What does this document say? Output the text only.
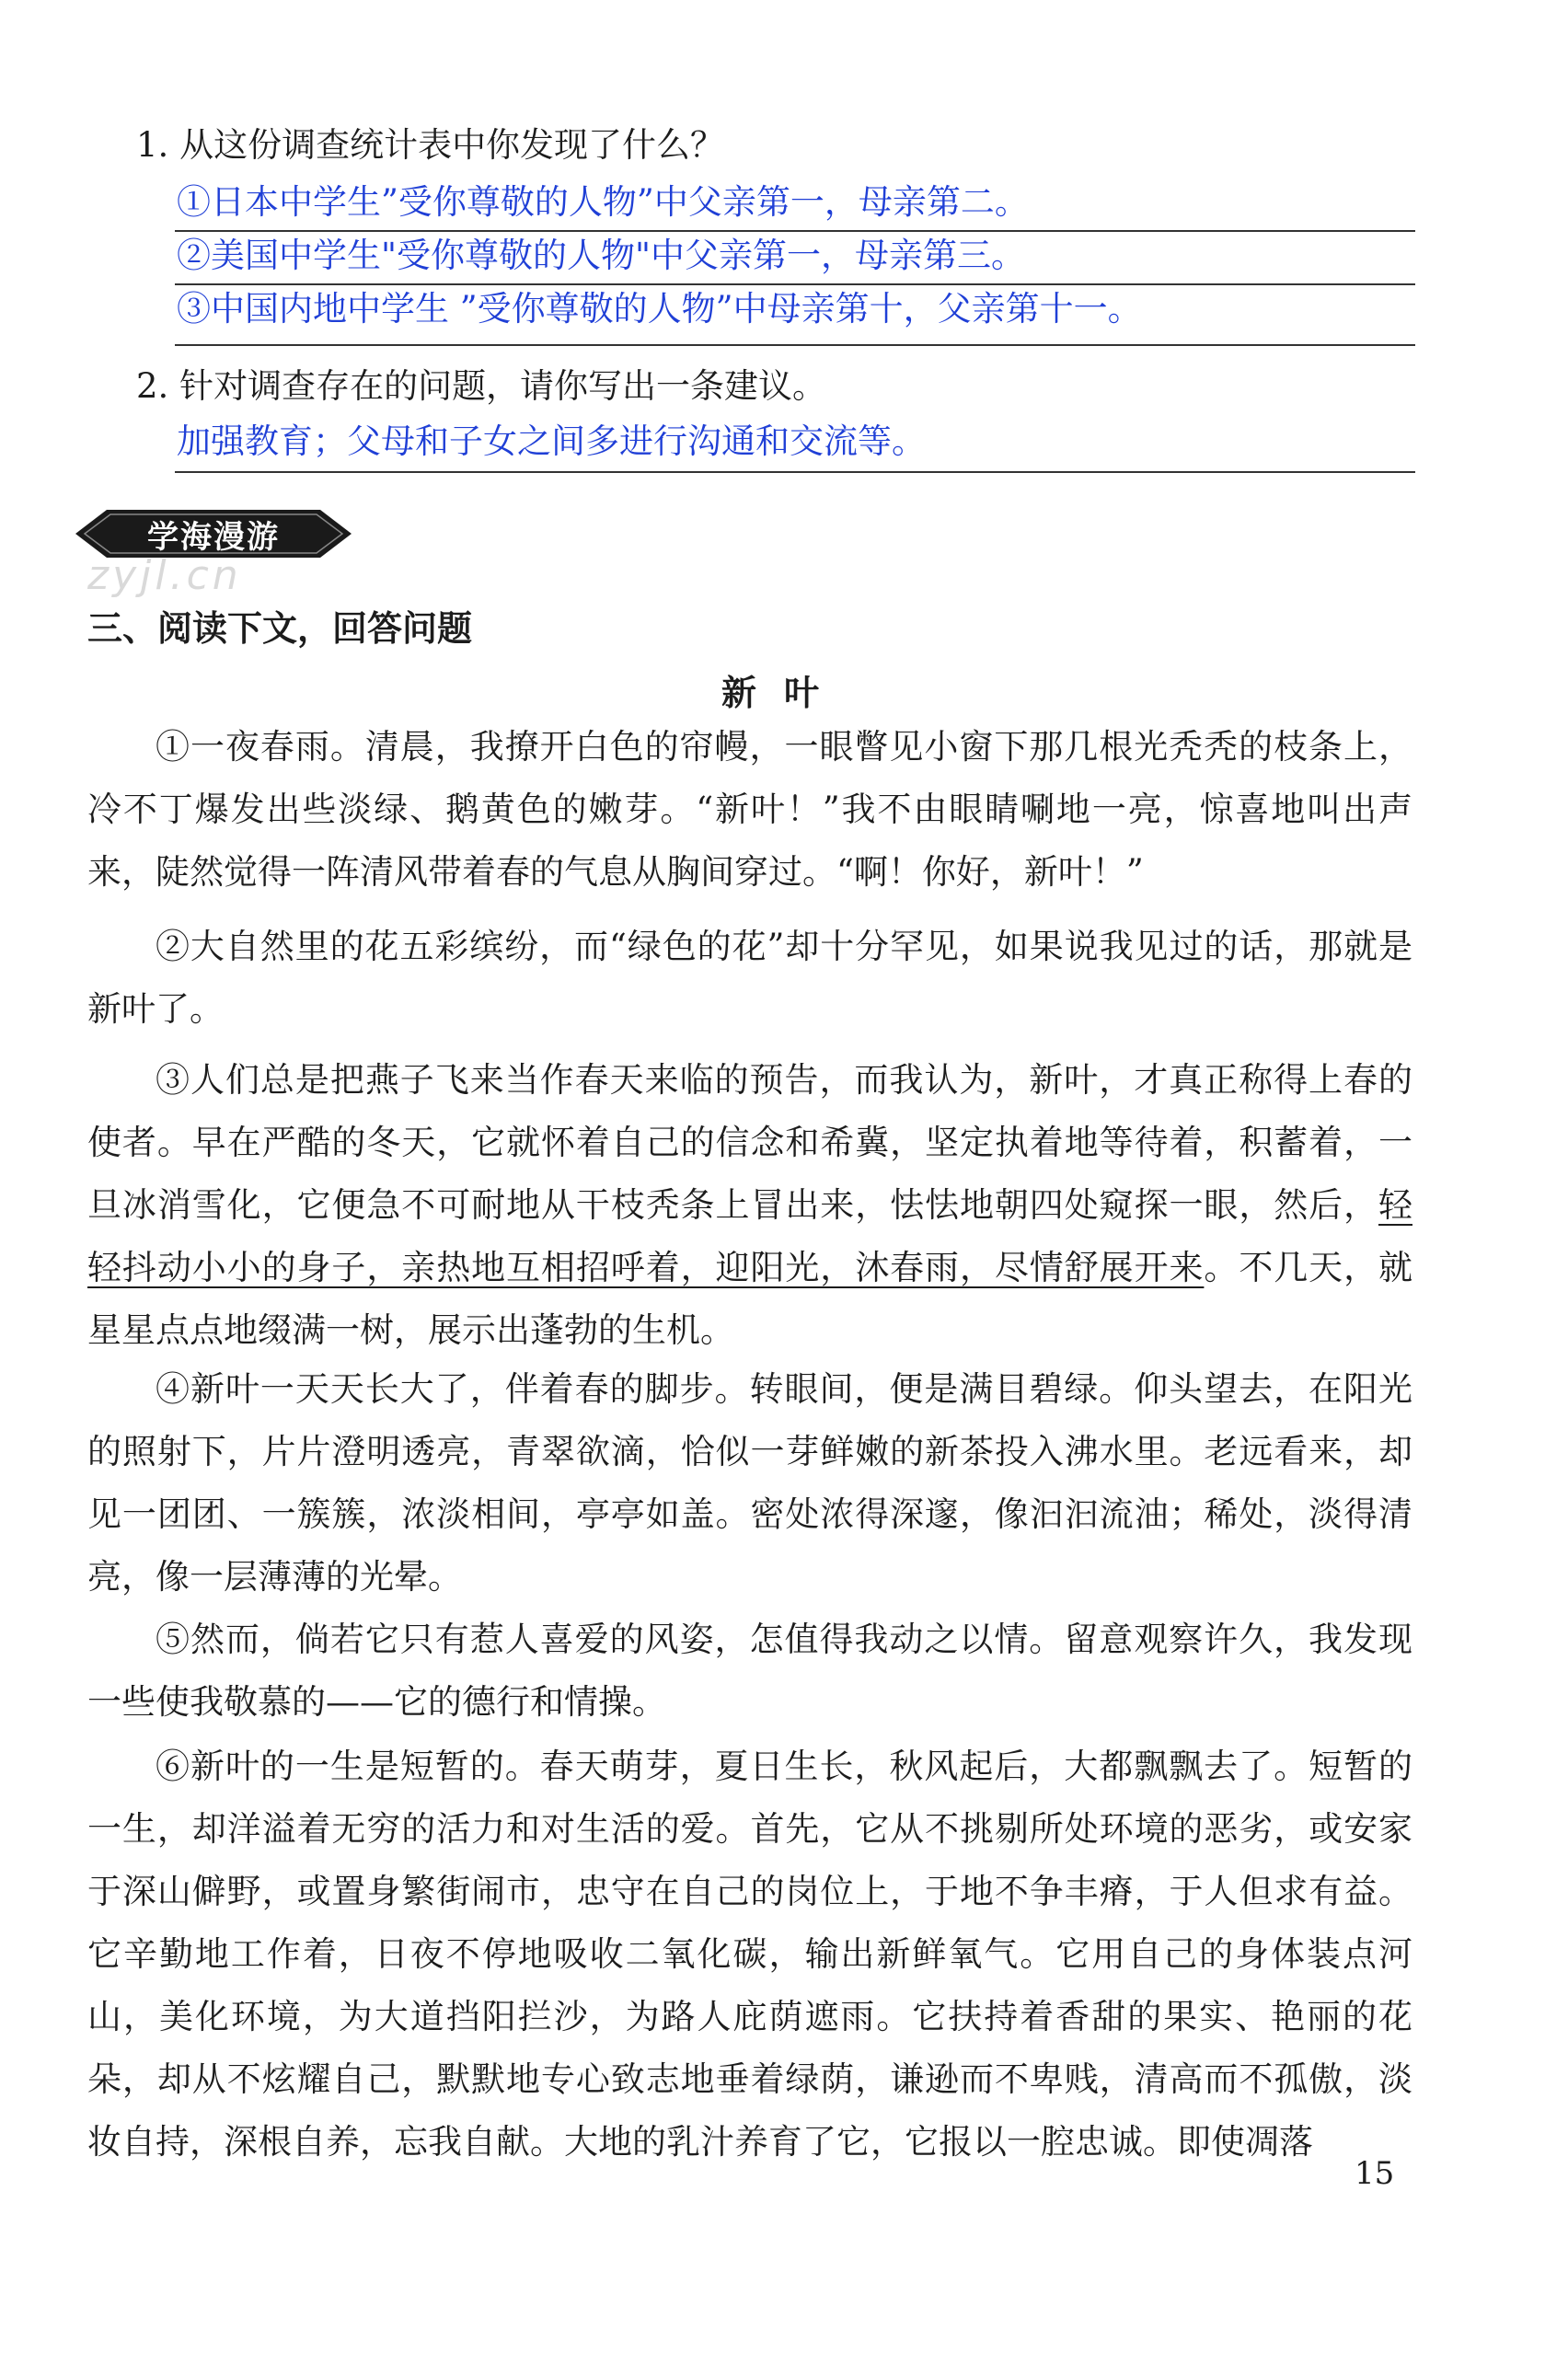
1. 从这份调查统计表中你发现了什么？
①日本中学生”受你尊敬的人物”中父亲第一，母亲第二。
②美国中学生"受你尊敬的人物"中父亲第一，母亲第三。
③中国内地中学生 ”受你尊敬的人物”中母亲第十，父亲第十一。
2. 针对调查存在的问题，请你写出一条建议。
加强教育；父母和子女之间多进行沟通和交流等。
学海漫游
zyjl.cn
三、阅读下文，回答问题
新叶

①一夜春雨。清晨，我撩开白色的帘幔，一眼瞥见小窗下那几根光秃秃的枝条上，冷不丁爆发出些淡绿、鹅黄色的嫩芽。“新叶！”我不由眼睛唰地一亮，惊喜地叫出声来，陡然觉得一阵清风带着春的气息从胸间穿过。“啊！你好，新叶！”

②大自然里的花五彩缤纷，而“绿色的花”却十分罕见，如果说我见过的话，那就是新叶了。

③人们总是把燕子飞来当作春天来临的预告，而我认为，新叶，才真正称得上春的使者。早在严酷的冬天，它就怀着自己的信念和希冀，坚定执着地等待着，积蓄着，一旦冰消雪化，它便急不可耐地从干枝秃条上冒出来，怯怯地朝四处窥探一眼，然后，轻轻抖动小小的身子，亲热地互相招呼着，迎阳光，沐春雨，尽情舒展开来。不几天，就星星点点地缀满一树，展示出蓬勃的生机。

④新叶一天天长大了，伴着春的脚步。转眼间，便是满目碧绿。仰头望去，在阳光的照射下，片片澄明透亮，青翠欲滴，恰似一芽鲜嫩的新茶投入沸水里。老远看来，却见一团团、一簇簇，浓淡相间，亭亭如盖。密处浓得深邃，像汩汩流油；稀处，淡得清亮，像一层薄薄的光晕。

⑤然而，倘若它只有惹人喜爱的风姿，怎值得我动之以情。留意观察许久，我发现一些使我敬慕的——它的德行和情操。

⑥新叶的一生是短暂的。春天萌芽，夏日生长，秋风起后，大都飘飘去了。短暂的一生，却洋溢着无穷的活力和对生活的爱。首先，它从不挑剔所处环境的恶劣，或安家于深山僻野，或置身繁街闹市，忠守在自己的岗位上，于地不争丰瘠，于人但求有益。它辛勤地工作着，日夜不停地吸收二氧化碳，输出新鲜氧气。它用自己的身体装点河山，美化环境，为大道挡阳拦沙，为路人庇荫遮雨。它扶持着香甜的果实、艳丽的花朵，却从不炫耀自己，默默地专心致志地垂着绿荫，谦逊而不卑贱，清高而不孤傲，淡妆自持，深根自养，忘我自献。大地的乳汁养育了它，它报以一腔忠诚。即使凋落

15
